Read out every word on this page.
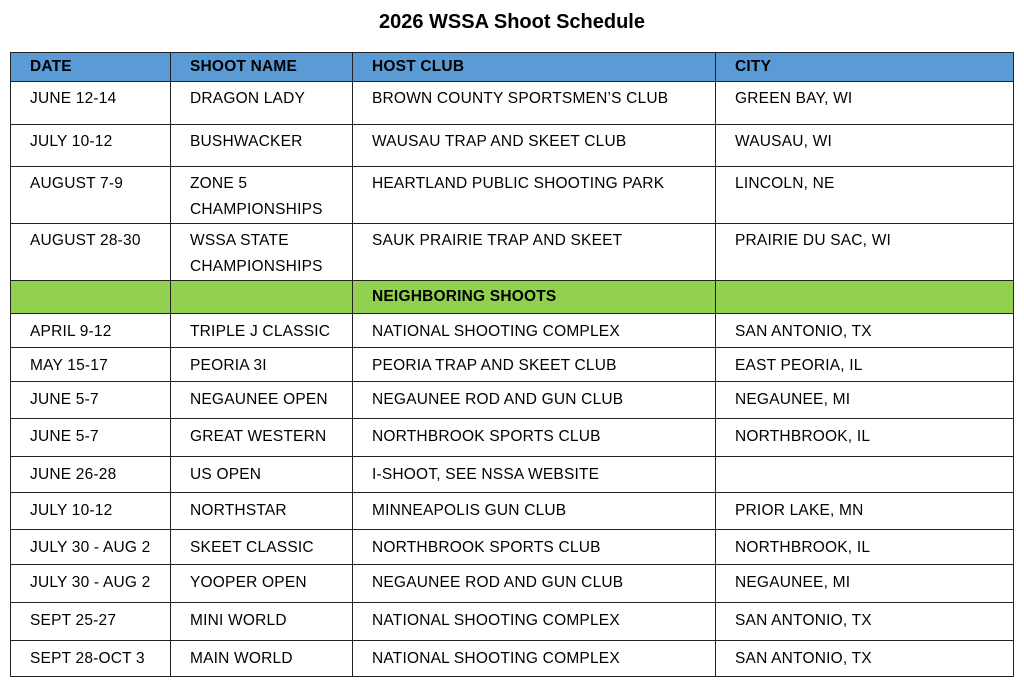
2026 WSSA Shoot Schedule
DATE	SHOOT NAME	HOST CLUB	CITY
JUNE 12-14	DRAGON LADY	BROWN COUNTY SPORTSMEN’S CLUB	GREEN BAY, WI
JULY 10-12	BUSHWACKER	WAUSAU TRAP AND SKEET CLUB	WAUSAU, WI
AUGUST 7-9	ZONE 5 CHAMPIONSHIPS	HEARTLAND PUBLIC SHOOTING PARK	LINCOLN, NE
AUGUST 28-30	WSSA STATE CHAMPIONSHIPS	SAUK PRAIRIE TRAP AND SKEET	PRAIRIE DU SAC, WI
		NEIGHBORING SHOOTS	
APRIL 9-12	TRIPLE J CLASSIC	NATIONAL SHOOTING COMPLEX	SAN ANTONIO, TX
MAY 15-17	PEORIA 3I	PEORIA TRAP AND SKEET CLUB	EAST PEORIA, IL
JUNE 5-7	NEGAUNEE OPEN	NEGAUNEE ROD AND GUN CLUB	NEGAUNEE, MI
JUNE 5-7	GREAT WESTERN	NORTHBROOK SPORTS CLUB	NORTHBROOK, IL
JUNE 26-28	US OPEN	I-SHOOT, SEE NSSA WEBSITE	
JULY 10-12	NORTHSTAR	MINNEAPOLIS GUN CLUB	PRIOR LAKE, MN
JULY 30 - AUG 2	SKEET CLASSIC	NORTHBROOK SPORTS CLUB	NORTHBROOK, IL
JULY 30 - AUG 2	YOOPER OPEN	NEGAUNEE ROD AND GUN CLUB	NEGAUNEE, MI
SEPT 25-27	MINI WORLD	NATIONAL SHOOTING COMPLEX	SAN ANTONIO, TX
SEPT 28-OCT 3	MAIN WORLD	NATIONAL SHOOTING COMPLEX	SAN ANTONIO, TX
